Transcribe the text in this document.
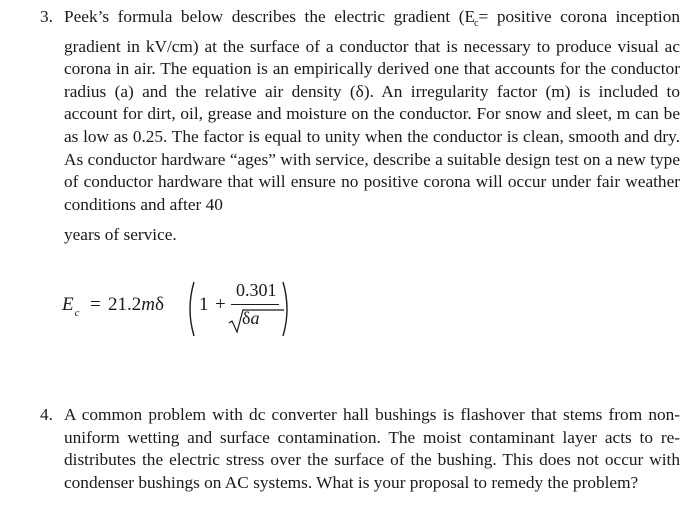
3. Peek’s formula below describes the electric gradient ($E_c=$ positive corona inception gradient in kV/cm) at the surface of a conductor that is necessary to produce visual ac corona in air. The equation is an empirically derived one that accounts for the conductor radius (a) and the relative air density (δ). An irregularity factor (m) is included to account for dirt, oil, grease and moisture on the conductor. For snow and sleet, m can be as low as 0.25. The factor is equal to unity when the conductor is clean, smooth and dry. As conductor hardware “ages” with service, describe a suitable design test on a new type of conductor hardware that will ensure no positive corona will occur under fair weather conditions and after 40

years of service.
$E_c = 21.2m\delta$ 1 +
0.301
δa

4. A common problem with dc converter hall bushings is flashover that stems from non-uniform wetting and surface contamination. The moist contaminant layer acts to re-distributes the electric stress over the surface of the bushing. This does not occur with condenser bushings on AC systems. What is your proposal to remedy the problem?
